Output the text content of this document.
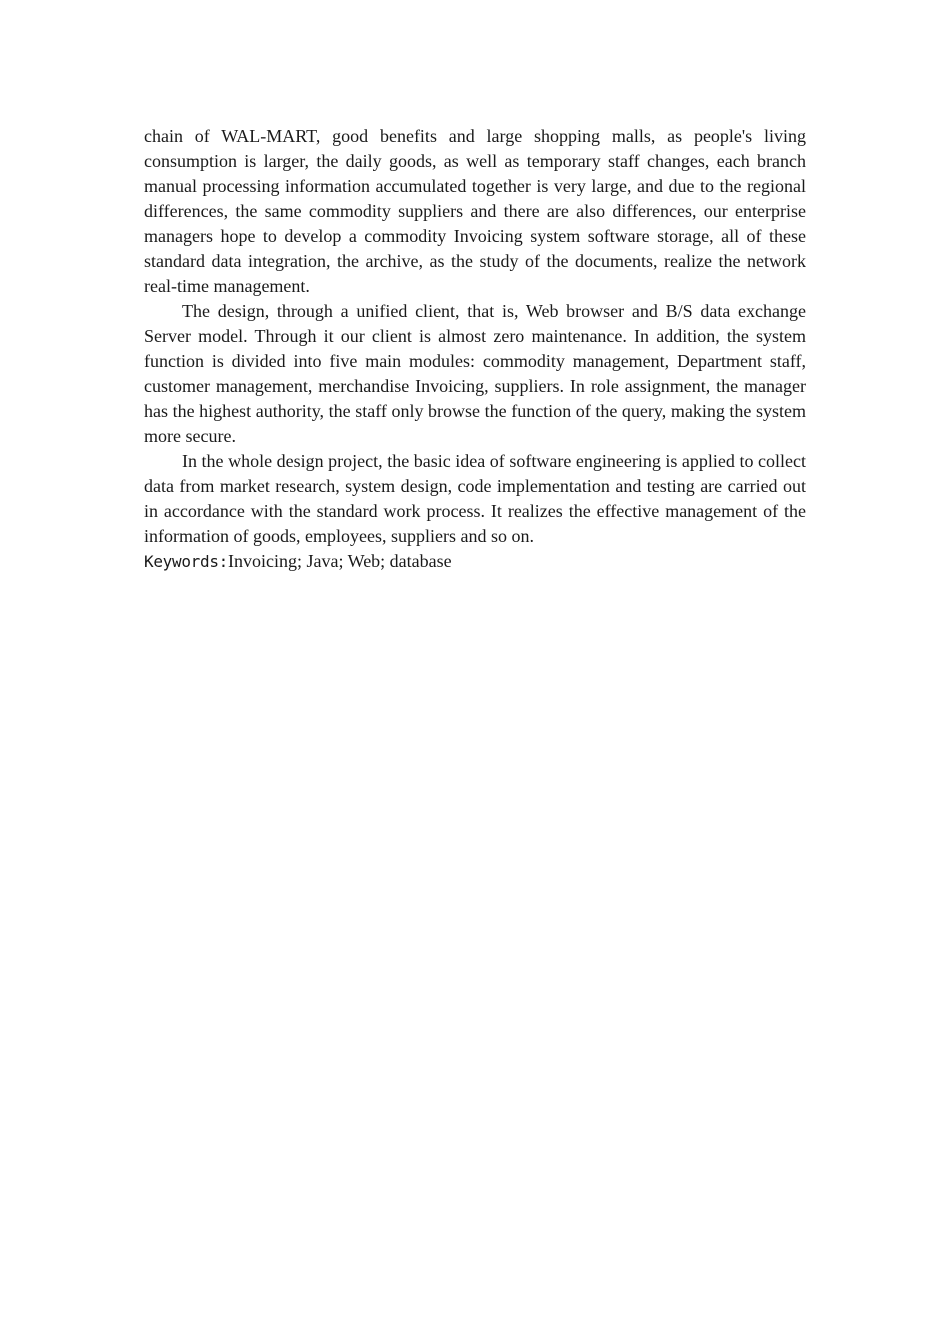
chain of WAL-MART, good benefits and large shopping malls, as people's living consumption is larger, the daily goods, as well as temporary staff changes, each branch manual processing information accumulated together is very large, and due to the regional differences, the same commodity suppliers and there are also differences, our enterprise managers hope to develop a commodity Invoicing system software storage, all of these standard data integration, the archive, as the study of the documents, realize the network real-time management.

The design, through a unified client, that is, Web browser and B/S data exchange Server model. Through it our client is almost zero maintenance. In addition, the system function is divided into five main modules: commodity management, Department staff, customer management, merchandise Invoicing, suppliers. In role assignment, the manager has the highest authority, the staff only browse the function of the query, making the system more secure.

In the whole design project, the basic idea of software engineering is applied to collect data from market research, system design, code implementation and testing are carried out in accordance with the standard work process. It realizes the effective management of the information of goods, employees, suppliers and so on.

Keywords:Invoicing; Java; Web; database
